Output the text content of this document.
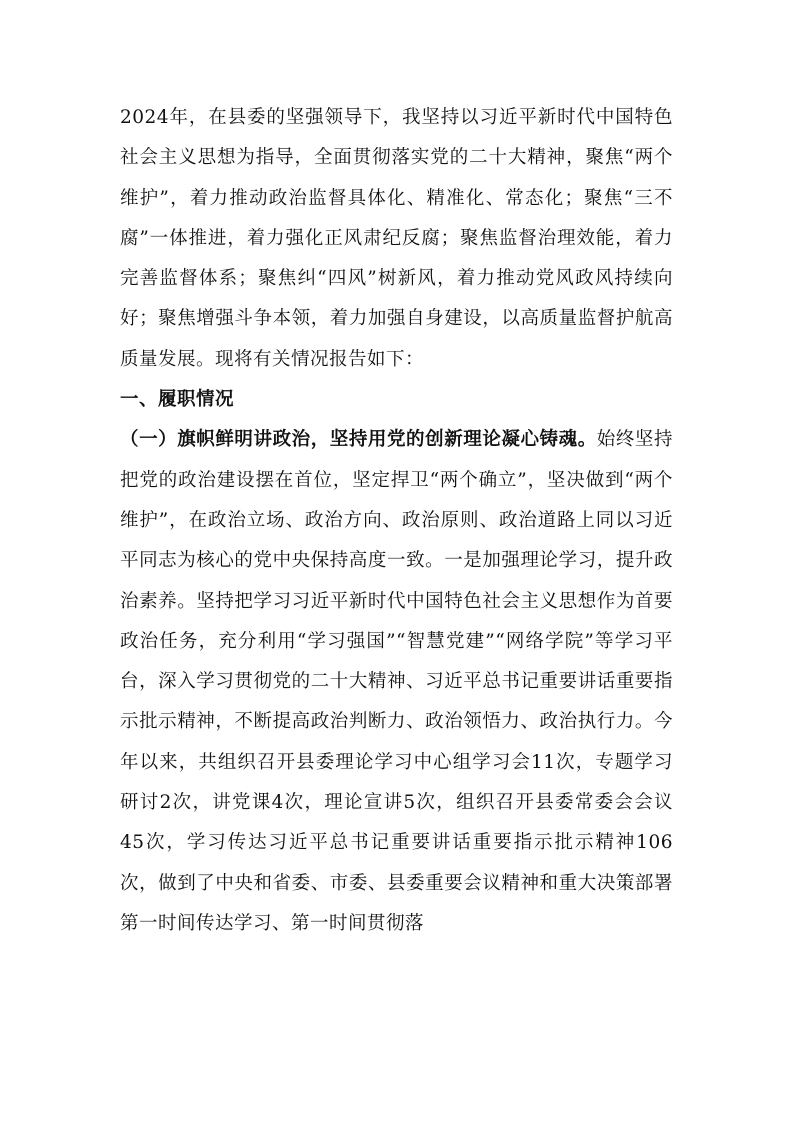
2024年，在县委的坚强领导下，我坚持以习近平新时代中国特色社会主义思想为指导，全面贯彻落实党的二十大精神，聚焦“两个维护”，着力推动政治监督具体化、精准化、常态化；聚焦“三不腐”一体推进，着力强化正风肃纪反腐；聚焦监督治理效能，着力完善监督体系；聚焦纠“四风”树新风，着力推动党风政风持续向好；聚焦增强斗争本领，着力加强自身建设，以高质量监督护航高质量发展。现将有关情况报告如下：

一、履职情况

（一）旗帜鲜明讲政治，坚持用党的创新理论凝心铸魂。始终坚持把党的政治建设摆在首位，坚定捍卫“两个确立”，坚决做到“两个维护”，在政治立场、政治方向、政治原则、政治道路上同以习近平同志为核心的党中央保持高度一致。一是加强理论学习，提升政治素养。坚持把学习习近平新时代中国特色社会主义思想作为首要政治任务，充分利用“学习强国”“智慧党建”“网络学院”等学习平台，深入学习贯彻党的二十大精神、习近平总书记重要讲话重要指示批示精神，不断提高政治判断力、政治领悟力、政治执行力。今年以来，共组织召开县委理论学习中心组学习会11次，专题学习研讨2次，讲党课4次，理论宣讲5次，组织召开县委常委会会议45次，学习传达习近平总书记重要讲话重要指示批示精神106次，做到了中央和省委、市委、县委重要会议精神和重大决策部署第一时间传达学习、第一时间贯彻落
